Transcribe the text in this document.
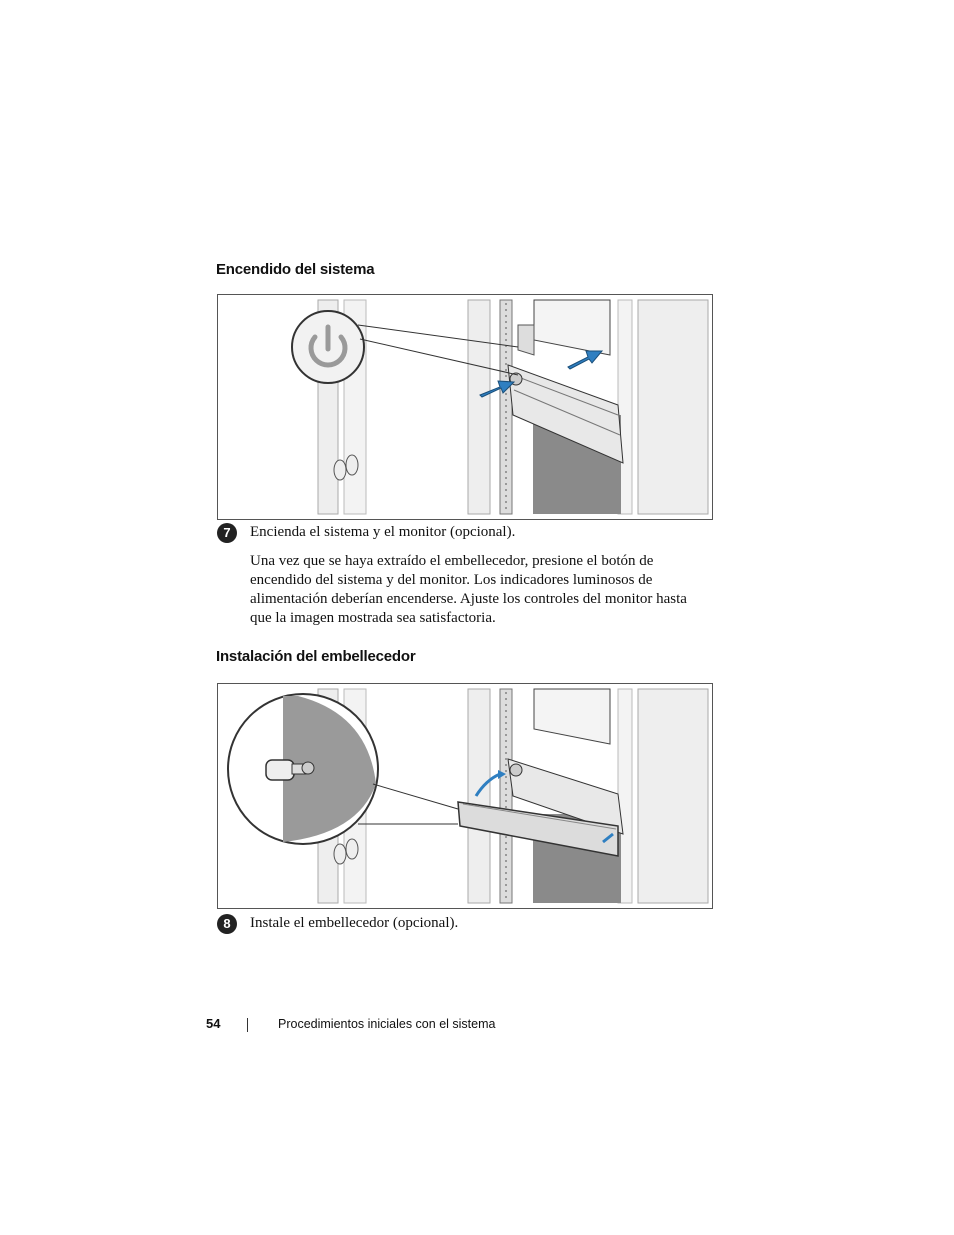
Encendido del sistema
7	Encienda el sistema y el monitor (opcional).

Una vez que se haya extraído el embellecedor, presione el botón de encendido del sistema y del monitor. Los indicadores luminosos de alimentación deberían encenderse. Ajuste los controles del monitor hasta que la imagen mostrada sea satisfactoria.

Instalación del embellecedor
8	Instale el embellecedor (opcional).
54	Procedimientos iniciales con el sistema
